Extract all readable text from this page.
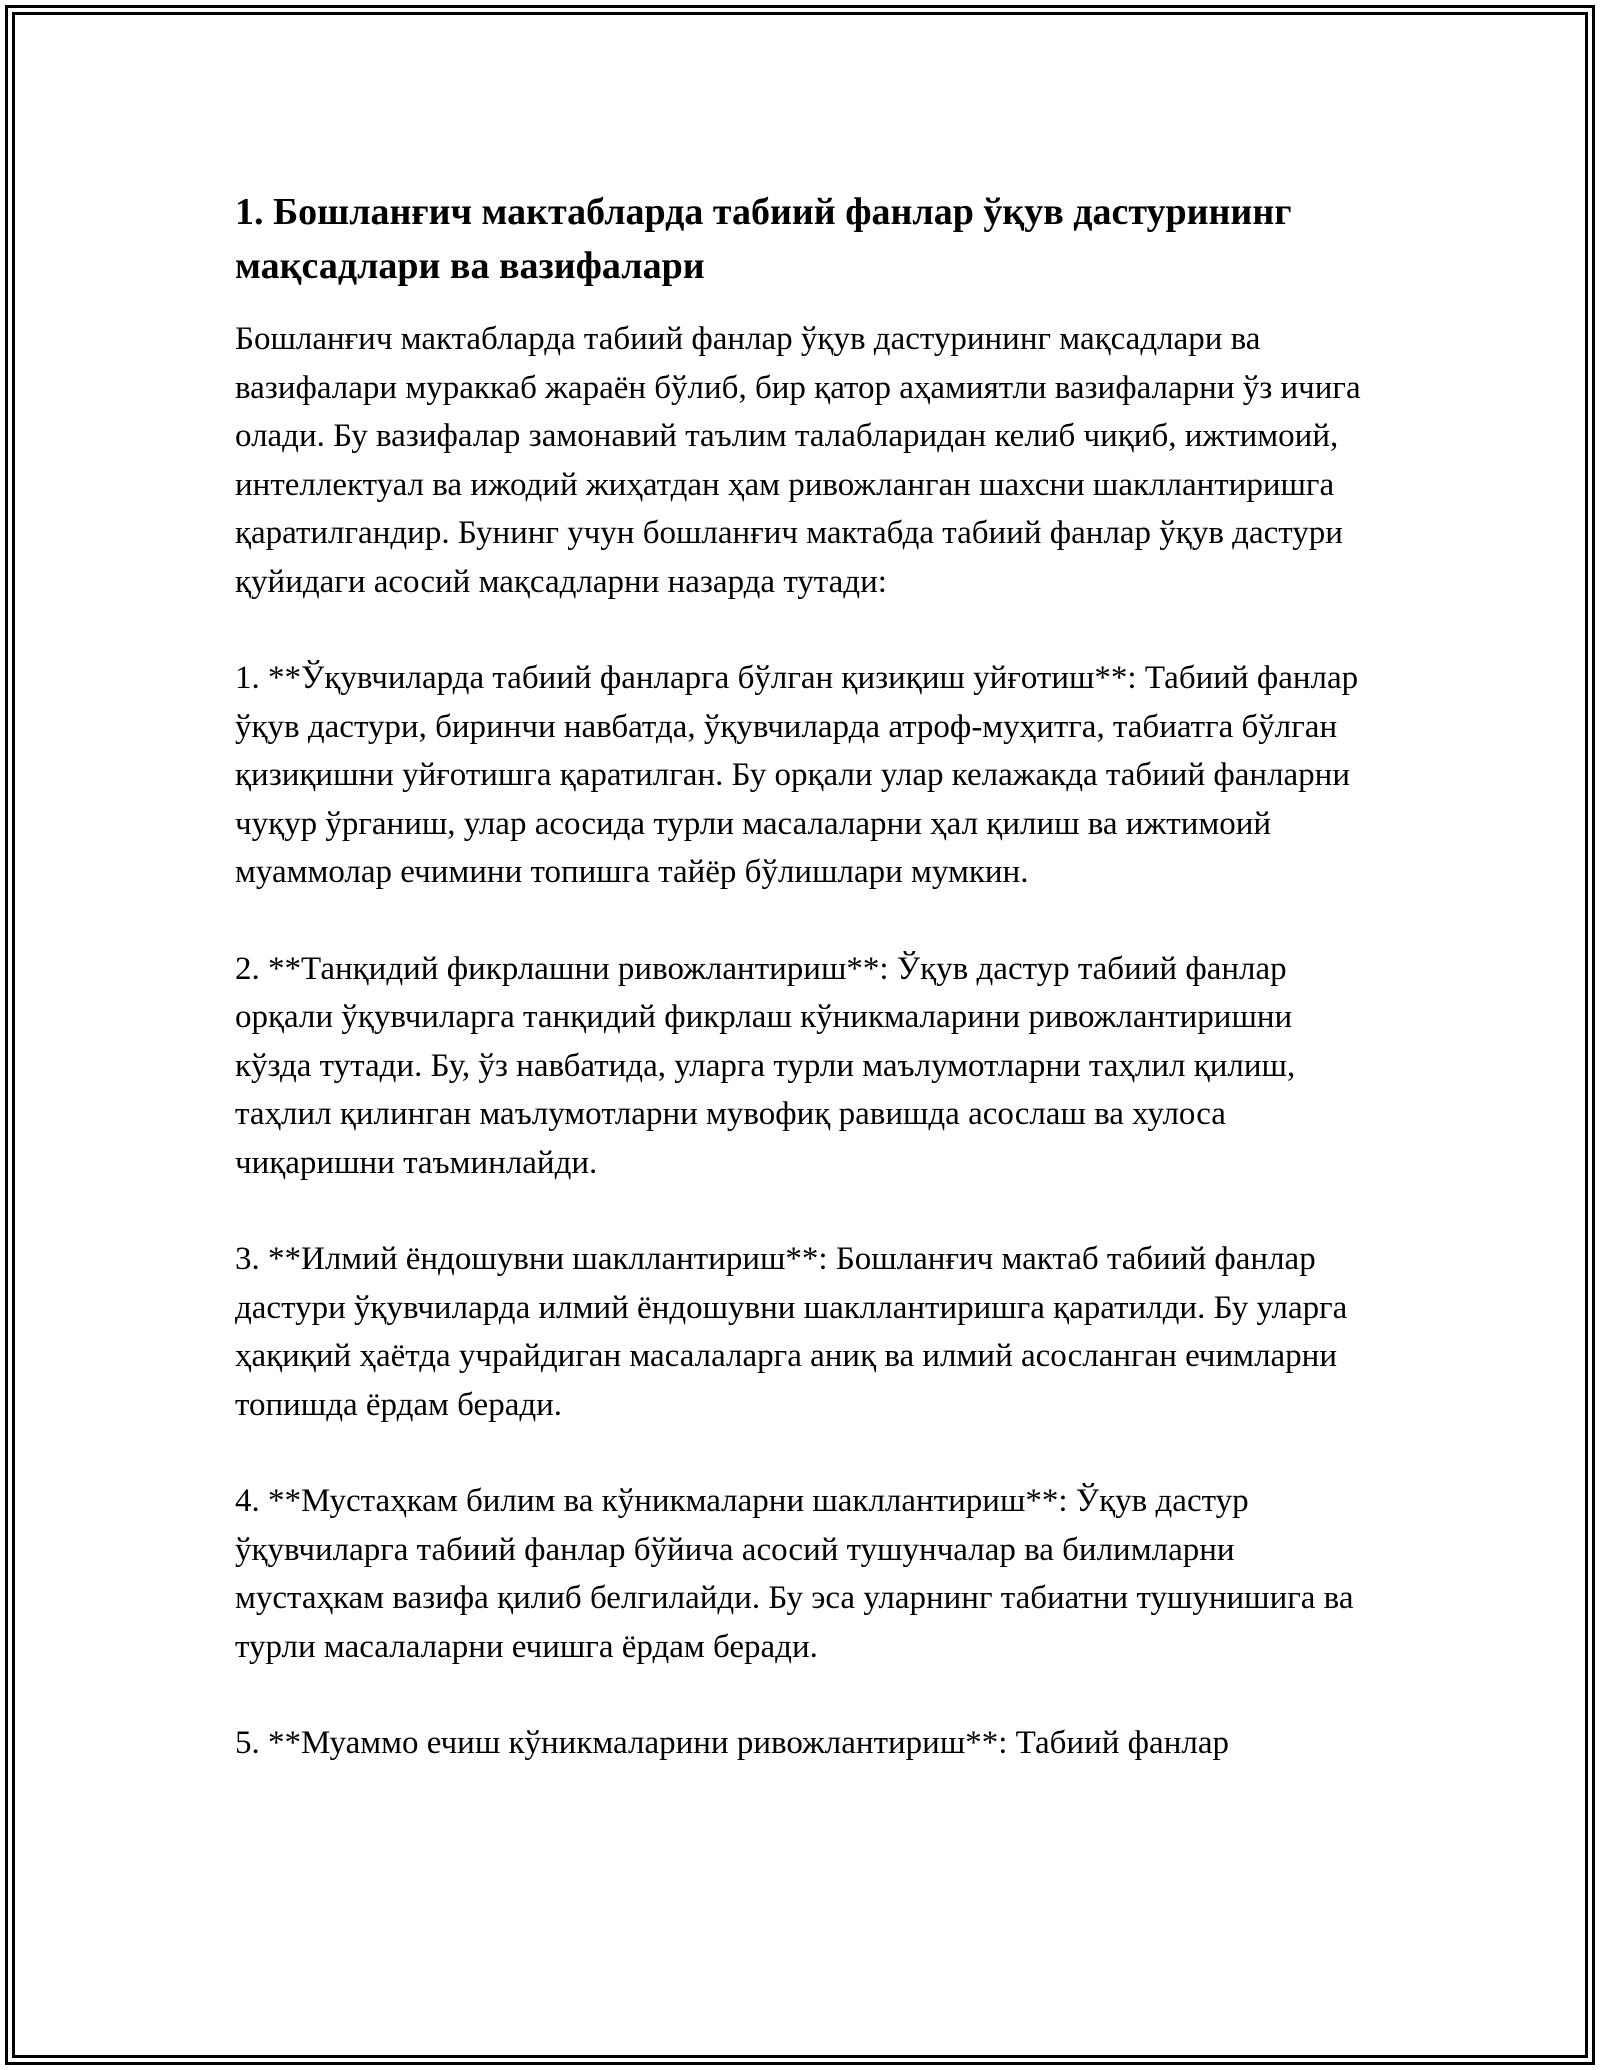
1. Бошланғич мактабларда табиий фанлар ўқув дастурининг мақсадлари ва вазифалари

Бошланғич мактабларда табиий фанлар ўқув дастурининг мақсадлари ва вазифалари мураккаб жараён бўлиб, бир қатор аҳамиятли вазифаларни ўз ичига олади. Бу вазифалар замонавий таълим талабларидан келиб чиқиб, ижтимоий, интеллектуал ва ижодий жиҳатдан ҳам ривожланган шахсни шакллантиришга қаратилгандир. Бунинг учун бошланғич мактабда табиий фанлар ўқув дастури қуйидаги асосий мақсадларни назарда тутади:

1. **Ўқувчиларда табиий фанларга бўлган қизиқиш уйғотиш**: Табиий фанлар ўқув дастури, биринчи навбатда, ўқувчиларда атроф-муҳитга, табиатга бўлган қизиқишни уйғотишга қаратилган. Бу орқали улар келажакда табиий фанларни чуқур ўрганиш, улар асосида турли масалаларни ҳал қилиш ва ижтимоий муаммолар ечимини топишга тайёр бўлишлари мумкин.

2. **Танқидий фикрлашни ривожлантириш**: Ўқув дастур табиий фанлар орқали ўқувчиларга танқидий фикрлаш кўникмаларини ривожлантиришни кўзда тутади. Бу, ўз навбатида, уларга турли маълумотларни таҳлил қилиш, таҳлил қилинган маълумотларни мувофиқ равишда асослаш ва хулоса чиқаришни таъминлайди.

3. **Илмий ёндошувни шакллантириш**: Бошланғич мактаб табиий фанлар дастури ўқувчиларда илмий ёндошувни шакллантиришга қаратилди. Бу уларга ҳақиқий ҳаётда учрайдиган масалаларга аниқ ва илмий асосланган ечимларни топишда ёрдам беради.

4. **Мустаҳкам билим ва кўникмаларни шакллантириш**: Ўқув дастур ўқувчиларга табиий фанлар бўйича асосий тушунчалар ва билимларни мустаҳкам вазифа қилиб белгилайди. Бу эса уларнинг табиатни тушунишига ва турли масалаларни ечишга ёрдам беради.

5. **Муаммо ечиш кўникмаларини ривожлантириш**: Табиий фанлар
